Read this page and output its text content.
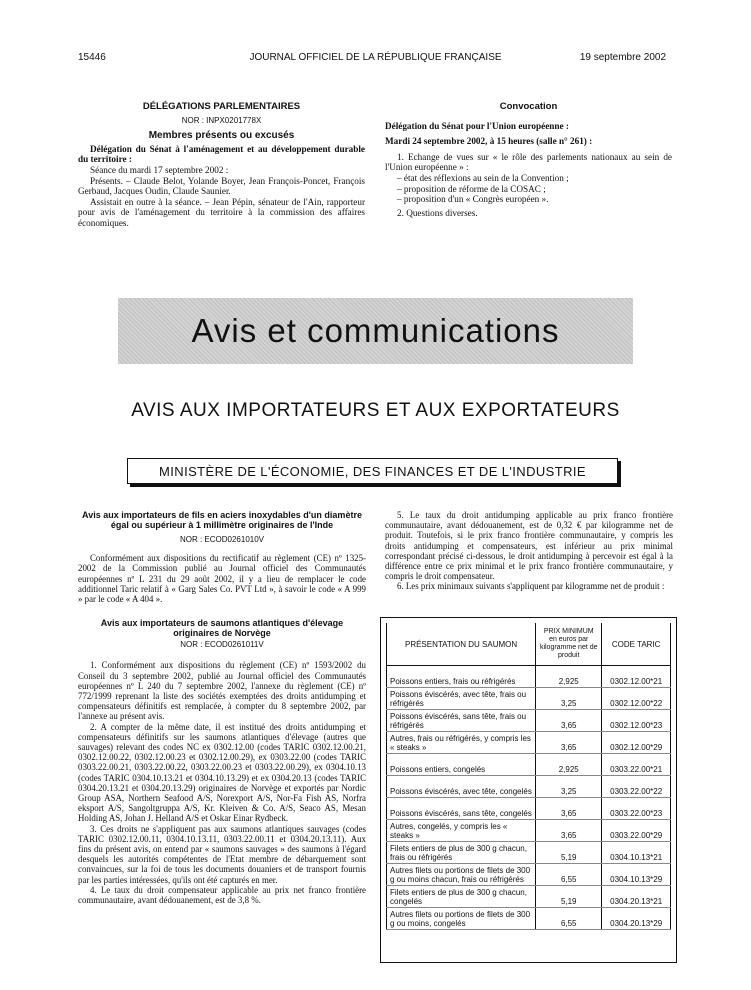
15446	JOURNAL OFFICIEL DE LA RÉPUBLIQUE FRANÇAISE	19 septembre 2002

DÉLÉGATIONS PARLEMENTAIRES

NOR : INPX0201778X

Membres présents ou excusés

Délégation du Sénat à l'aménagement et au développement durable du territoire :

Séance du mardi 17 septembre 2002 :

Présents. – Claude Belot, Yolande Boyer, Jean François-Poncet, François Gerbaud, Jacques Oudin, Claude Saunier.

Assistait en outre à la séance. – Jean Pépin, sénateur de l'Ain, rapporteur pour avis de l'aménagement du territoire à la commission des affaires économiques.

Convocation

Délégation du Sénat pour l'Union européenne :

Mardi 24 septembre 2002, à 15 heures (salle n° 261) :

1. Echange de vues sur « le rôle des parlements nationaux au sein de l'Union européenne » :

– état des réflexions au sein de la Convention ;

– proposition de réforme de la COSAC ;

– proposition d'un « Congrès européen ».

2. Questions diverses.

Avis et communications
AVIS AUX IMPORTATEURS ET AUX EXPORTATEURS
MINISTÈRE DE L'ÉCONOMIE, DES FINANCES ET DE L'INDUSTRIE

Avis aux importateurs de fils en aciers inoxydables d'un diamètre égal ou supérieur à 1 millimètre originaires de l'Inde

NOR : ECOD0261010V

Conformément aux dispositions du rectificatif au règlement (CE) nº 1325-2002 de la Commission publié au Journal officiel des Communautés européennes nº L 231 du 29 août 2002, il y a lieu de remplacer le code additionnel Taric relatif à « Garg Sales Co. PVT Ltd », à savoir le code « A 999 » par le code « A 404 ».

Avis aux importateurs de saumons atlantiques d'élevage originaires de Norvège

NOR : ECOD0261011V

1. Conformément aux dispositions du règlement (CE) nº 1593/2002 du Conseil du 3 septembre 2002, publié au Journal officiel des Communautés européennes nº L 240 du 7 septembre 2002, l'annexe du règlement (CE) nº 772/1999 reprenant la liste des sociétés exemptées des droits antidumping et compensateurs définitifs est remplacée, à compter du 8 septembre 2002, par l'annexe au présent avis.

2. A compter de la même date, il est institué des droits antidumping et compensateurs définitifs sur les saumons atlantiques d'élevage (autres que sauvages) relevant des codes NC ex 0302.12.00 (codes TARIC 0302.12.00.21, 0302.12.00.22, 0302.12.00.23 et 0302.12.00.29), ex 0303.22.00 (codes TARIC 0303.22.00.21, 0303.22.00.22, 0303.22.00.23 et 0303.22.00.29), ex 0304.10.13 (codes TARIC 0304.10.13.21 et 0304.10.13.29) et ex 0304.20.13 (codes TARIC 0304.20.13.21 et 0304.20.13.29) originaires de Norvège et exportés par Nordic Group ASA, Northern Seafood A/S, Norexport A/S, Nor-Fa Fish AS, Norfra eksport A/S, Sangoltgruppa A/S, Kr. Kleiven & Co. A/S, Seaco AS, Mesan Holding AS, Johan J. Helland A/S et Oskar Einar Rydbeck.

3. Ces droits ne s'appliquent pas aux saumons atlantiques sauvages (codes TARIC 0302.12.00.11, 0304.10.13.11, 0303.22.00.11 et 0304.20.13.11). Aux fins du présent avis, on entend par « saumons sauvages » des saumons à l'égard desquels les autorités compétentes de l'Etat membre de débarquement sont convaincues, sur la foi de tous les documents douaniers et de transport fournis par les parties intéressées, qu'ils ont été capturés en mer.

4. Le taux du droit compensateur applicable au prix net franco frontière communautaire, avant dédouanement, est de 3,8 %.

5. Le taux du droit antidumping applicable au prix franco frontière communautaire, avant dédouanement, est de 0,32 € par kilogramme net de produit. Toutefois, si le prix franco frontière communautaire, y compris les droits antidumping et compensateurs, est inférieur au prix minimal correspondant précisé ci-dessous, le droit antidumping à percevoir est égal à la différence entre ce prix minimal et le prix franco frontière communautaire, y compris le droit compensateur.

6. Les prix minimaux suivants s'appliquent par kilogramme net de produit :

PRÉSENTATION DU SAUMON	PRIX MINIMUM en euros par kilogramme net de produit	CODE TARIC
Poissons entiers, frais ou réfrigérés	2,925	0302.12.00*21
Poissons éviscérés, avec tête, frais ou réfrigérés	3,25	0302.12.00*22
Poissons éviscérés, sans tête, frais ou réfrigérés	3,65	0302.12.00*23
Autres, frais ou réfrigérés, y compris les « steaks »	3,65	0302.12.00*29
Poissons entiers, congelés	2,925	0303.22.00*21
Poissons éviscérés, avec tête, congelés	3,25	0303.22.00*22
Poissons éviscérés, sans tête, congelés	3,65	0303.22.00*23
Autres, congelés, y compris les « steaks »	3,65	0303.22.00*29
Filets entiers de plus de 300 g chacun, frais ou réfrigérés	5,19	0304.10.13*21
Autres filets ou portions de filets de 300 g ou moins chacun, frais ou réfrigérés	6,55	0304.10.13*29
Filets entiers de plus de 300 g chacun, congelés	5,19	0304.20.13*21
Autres filets ou portions de filets de 300 g ou moins, congelés	6,55	0304.20.13*29
